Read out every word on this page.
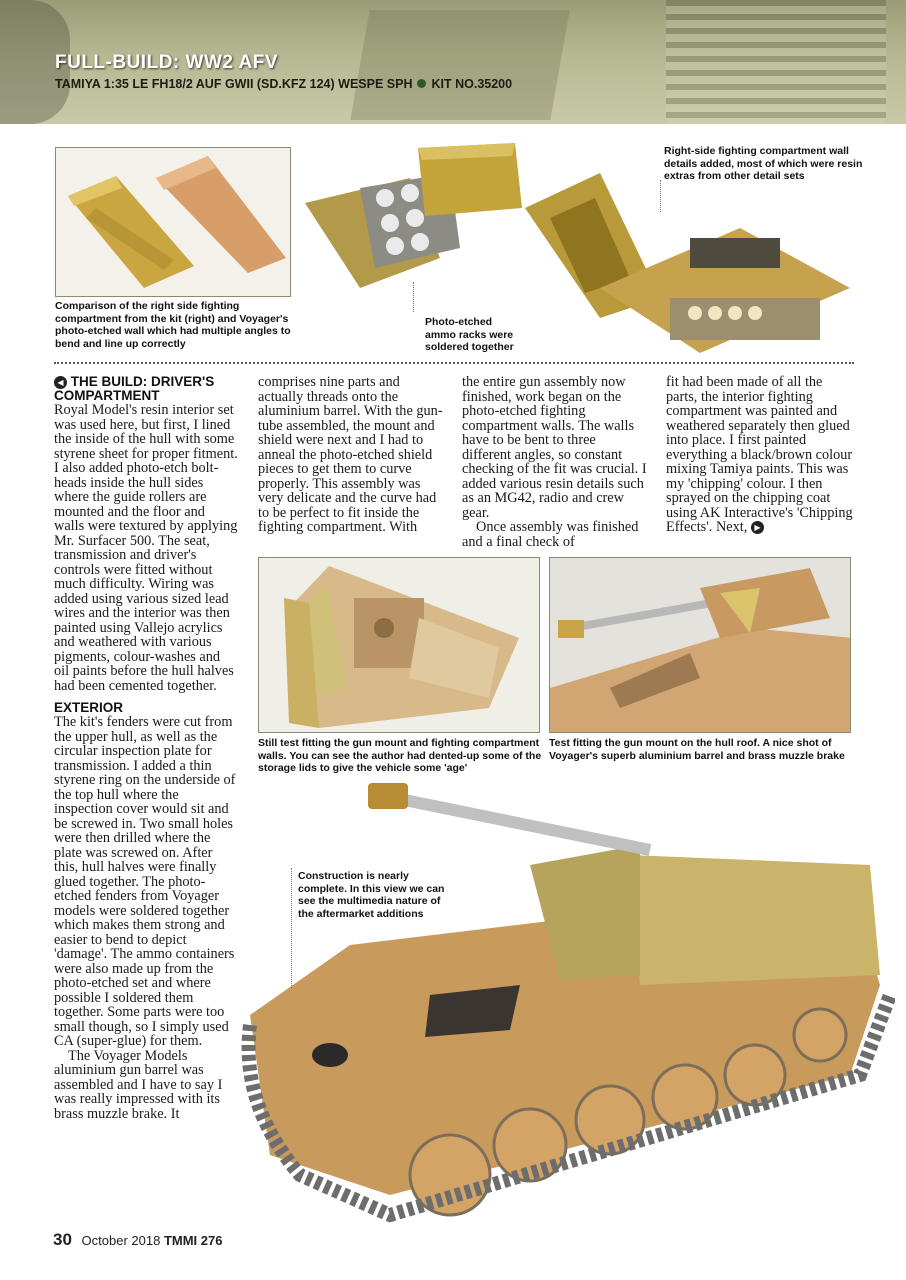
FULL-BUILD: WW2 AFV
TAMIYA 1:35 LE FH18/2 AUF GWII (SD.KFZ 124) WESPE SPH KIT NO.35200
Comparison of the right side fighting compartment from the kit (right) and Voyager's photo-etched wall which had multiple angles to bend and line up correctly
Photo-etched ammo racks were soldered together
Right-side fighting compartment wall details added, most of which were resin extras from other detail sets
◀ THE BUILD: DRIVER'S COMPARTMENT

Royal Model's resin interior set was used here, but first, I lined the inside of the hull with some styrene sheet for proper fitment. I also added photo-etch bolt-heads inside the hull sides where the guide rollers are mounted and the floor and walls were textured by applying Mr. Surfacer 500. The seat, transmission and driver's controls were fitted without much difficulty. Wiring was added using various sized lead wires and the interior was then painted using Vallejo acrylics and weathered with various pigments, colour-washes and oil paints before the hull halves had been cemented together.

EXTERIOR

The kit's fenders were cut from the upper hull, as well as the circular inspection plate for transmission. I added a thin styrene ring on the underside of the top hull where the inspection cover would sit and be screwed in. Two small holes were then drilled where the plate was screwed on. After this, hull halves were finally glued together. The photo-etched fenders from Voyager models were soldered together which makes them strong and easier to bend to depict 'damage'. The ammo containers were also made up from the photo-etched set and where possible I soldered them together. Some parts were too small though, so I simply used CA (super-glue) for them.

The Voyager Models aluminium gun barrel was assembled and I have to say I was really impressed with its brass muzzle brake. It

comprises nine parts and actually threads onto the aluminium barrel. With the gun-tube assembled, the mount and shield were next and I had to anneal the photo-etched shield pieces to get them to curve properly. This assembly was very delicate and the curve had to be perfect to fit inside the fighting compartment. With

the entire gun assembly now finished, work began on the photo-etched fighting compartment walls. The walls have to be bent to three different angles, so constant checking of the fit was crucial. I added various resin details such as an MG42, radio and crew gear.

Once assembly was finished and a final check of

fit had been made of all the parts, the interior fighting compartment was painted and weathered separately then glued into place. I first painted everything a black/brown colour mixing Tamiya paints. This was my 'chipping' colour. I then sprayed on the chipping coat using AK Interactive's 'Chipping Effects'. Next, ▶

Still test fitting the gun mount and fighting compartment walls. You can see the author had dented-up some of the storage lids to give the vehicle some 'age'
Test fitting the gun mount on the hull roof. A nice shot of Voyager's superb aluminium barrel and brass muzzle brake
Construction is nearly complete. In this view we can see the multimedia nature of the aftermarket additions
30 October 2018 TMMI 276
